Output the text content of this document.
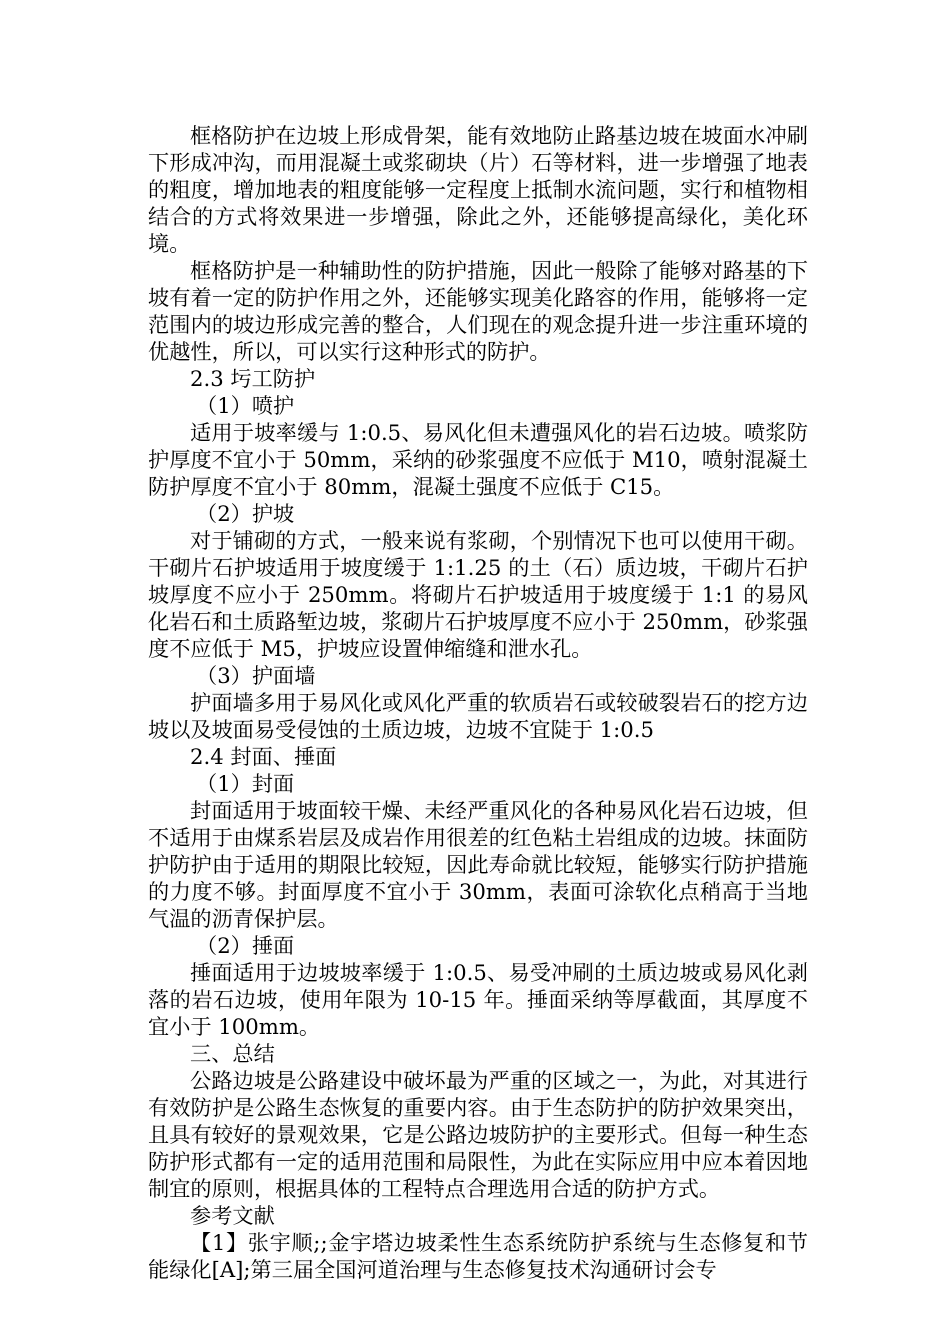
框格防护在边坡上形成骨架，能有效地防止路基边坡在坡面水冲刷下形成冲沟，而用混凝土或浆砌块（片）石等材料，进一步增强了地表的粗度，增加地表的粗度能够一定程度上抵制水流问题，实行和植物相结合的方式将效果进一步增强，除此之外，还能够提高绿化，美化环境。

框格防护是一种辅助性的防护措施，因此一般除了能够对路基的下坡有着一定的防护作用之外，还能够实现美化路容的作用，能够将一定范围内的坡边形成完善的整合，人们现在的观念提升进一步注重环境的优越性，所以，可以实行这种形式的防护。

2.3 圬工防护

（1）喷护

适用于坡率缓与 1:0.5、易风化但未遭强风化的岩石边坡。喷浆防护厚度不宜小于 50mm，采纳的砂浆强度不应低于 M10，喷射混凝土防护厚度不宜小于 80mm，混凝土强度不应低于 C15。

（2）护坡

对于铺砌的方式，一般来说有浆砌，个别情况下也可以使用干砌。干砌片石护坡适用于坡度缓于 1:1.25 的土（石）质边坡，干砌片石护坡厚度不应小于 250mm。将砌片石护坡适用于坡度缓于 1:1 的易风化岩石和土质路堑边坡，浆砌片石护坡厚度不应小于 250mm，砂浆强度不应低于 M5，护坡应设置伸缩缝和泄水孔。

（3）护面墙

护面墙多用于易风化或风化严重的软质岩石或较破裂岩石的挖方边坡以及坡面易受侵蚀的土质边坡，边坡不宜陡于 1:0.5

2.4 封面、捶面

（1）封面

封面适用于坡面较干燥、未经严重风化的各种易风化岩石边坡，但不适用于由煤系岩层及成岩作用很差的红色粘土岩组成的边坡。抹面防护防护由于适用的期限比较短，因此寿命就比较短，能够实行防护措施的力度不够。封面厚度不宜小于 30mm，表面可涂软化点稍高于当地气温的沥青保护层。

（2）捶面

捶面适用于边坡坡率缓于 1:0.5、易受冲刷的土质边坡或易风化剥落的岩石边坡，使用年限为 10-15 年。捶面采纳等厚截面，其厚度不宜小于 100mm。

三、总结

公路边坡是公路建设中破坏最为严重的区域之一，为此，对其进行有效防护是公路生态恢复的重要内容。由于生态防护的防护效果突出，且具有较好的景观效果，它是公路边坡防护的主要形式。但每一种生态防护形式都有一定的适用范围和局限性，为此在实际应用中应本着因地制宜的原则，根据具体的工程特点合理选用合适的防护方式。

参考文献

【1】张宇顺;;金宇塔边坡柔性生态系统防护系统与生态修复和节能绿化[A];第三届全国河道治理与生态修复技术沟通研讨会专
